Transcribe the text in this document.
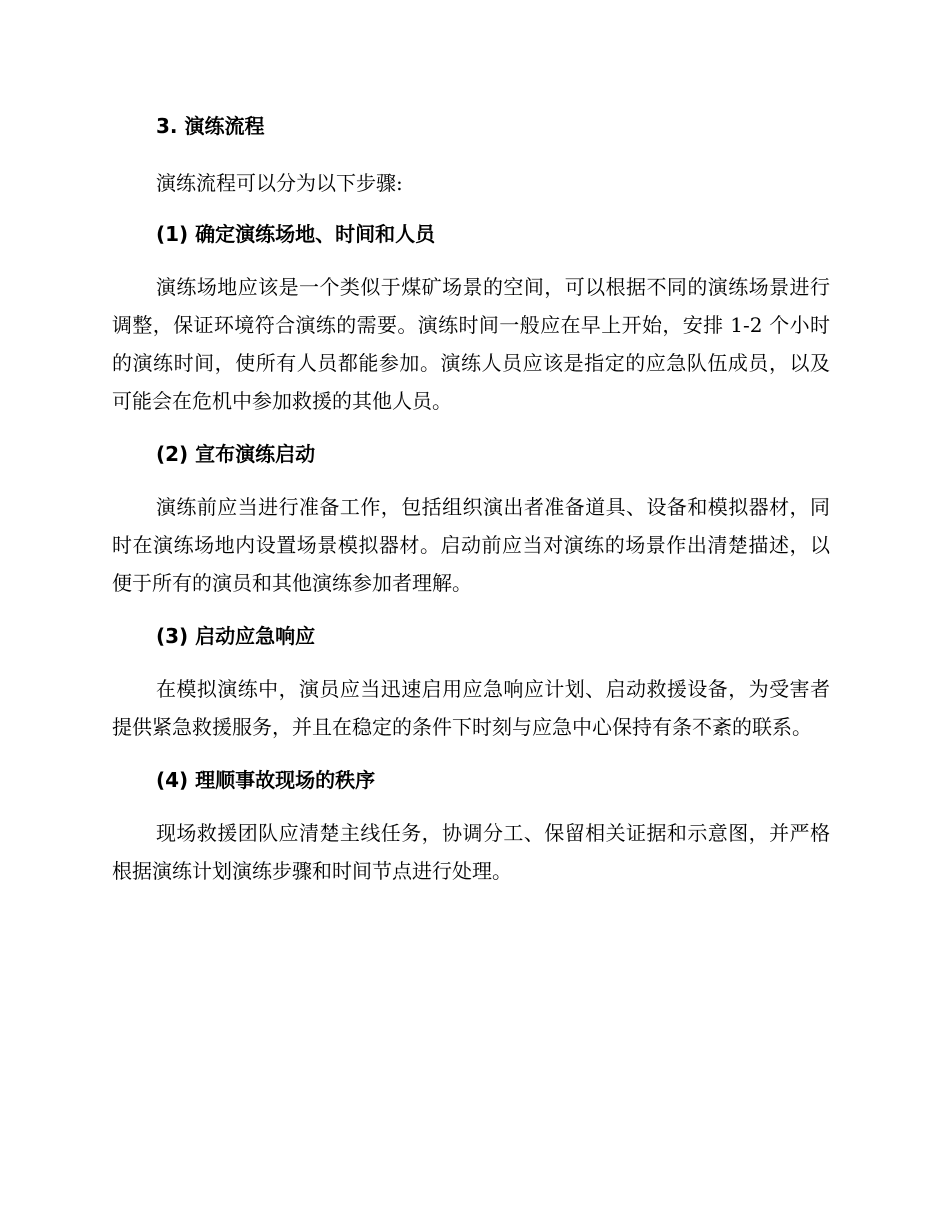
3. 演练流程

演练流程可以分为以下步骤:

(1) 确定演练场地、时间和人员

演练场地应该是一个类似于煤矿场景的空间，可以根据不同的演练场景进行调整，保证环境符合演练的需要。演练时间一般应在早上开始，安排 1-2 个小时的演练时间，使所有人员都能参加。演练人员应该是指定的应急队伍成员，以及可能会在危机中参加救援的其他人员。

(2) 宣布演练启动

演练前应当进行准备工作，包括组织演出者准备道具、设备和模拟器材，同时在演练场地内设置场景模拟器材。启动前应当对演练的场景作出清楚描述，以便于所有的演员和其他演练参加者理解。

(3) 启动应急响应

在模拟演练中，演员应当迅速启用应急响应计划、启动救援设备，为受害者提供紧急救援服务，并且在稳定的条件下时刻与应急中心保持有条不紊的联系。

(4) 理顺事故现场的秩序

现场救援团队应清楚主线任务，协调分工、保留相关证据和示意图，并严格根据演练计划演练步骤和时间节点进行处理。
